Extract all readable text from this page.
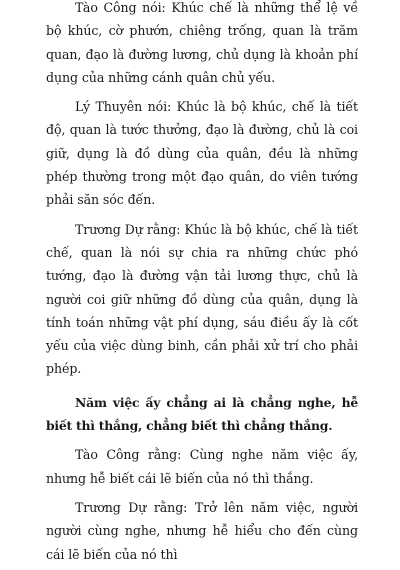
Tào Công nói: Khúc chế là những thể lệ về bộ khúc, cờ phướn, chiêng trống, quan là trăm quan, đạo là đường lương, chủ dụng là khoản phí dụng của những cánh quân chủ yếu.

Lý Thuyên nói: Khúc là bộ khúc, chế là tiết độ, quan là tước thưởng, đạo là đường, chủ là coi giữ, dụng là đồ dùng của quân, đều là những phép thường trong một đạo quân, do viên tướng phải săn sóc đến.

Trương Dự rằng: Khúc là bộ khúc, chế là tiết chế, quan là nói sự chia ra những chức phó tướng, đạo là đường vận tải lương thực, chủ là người coi giữ những đồ dùng của quân, dụng là tính toán những vật phí dụng, sáu điều ấy là cốt yếu của việc dùng binh, cần phải xử trí cho phải phép.

Năm việc ấy chẳng ai là chẳng nghe, hễ biết thì thắng, chẳng biết thì chẳng thắng.

Tào Công rằng: Cùng nghe năm việc ấy, nhưng hễ biết cái lẽ biến của nó thì thắng.

Trương Dự rằng: Trở lên năm việc, người người cùng nghe, nhưng hễ hiểu cho đến cùng cái lẽ biến của nó thì
